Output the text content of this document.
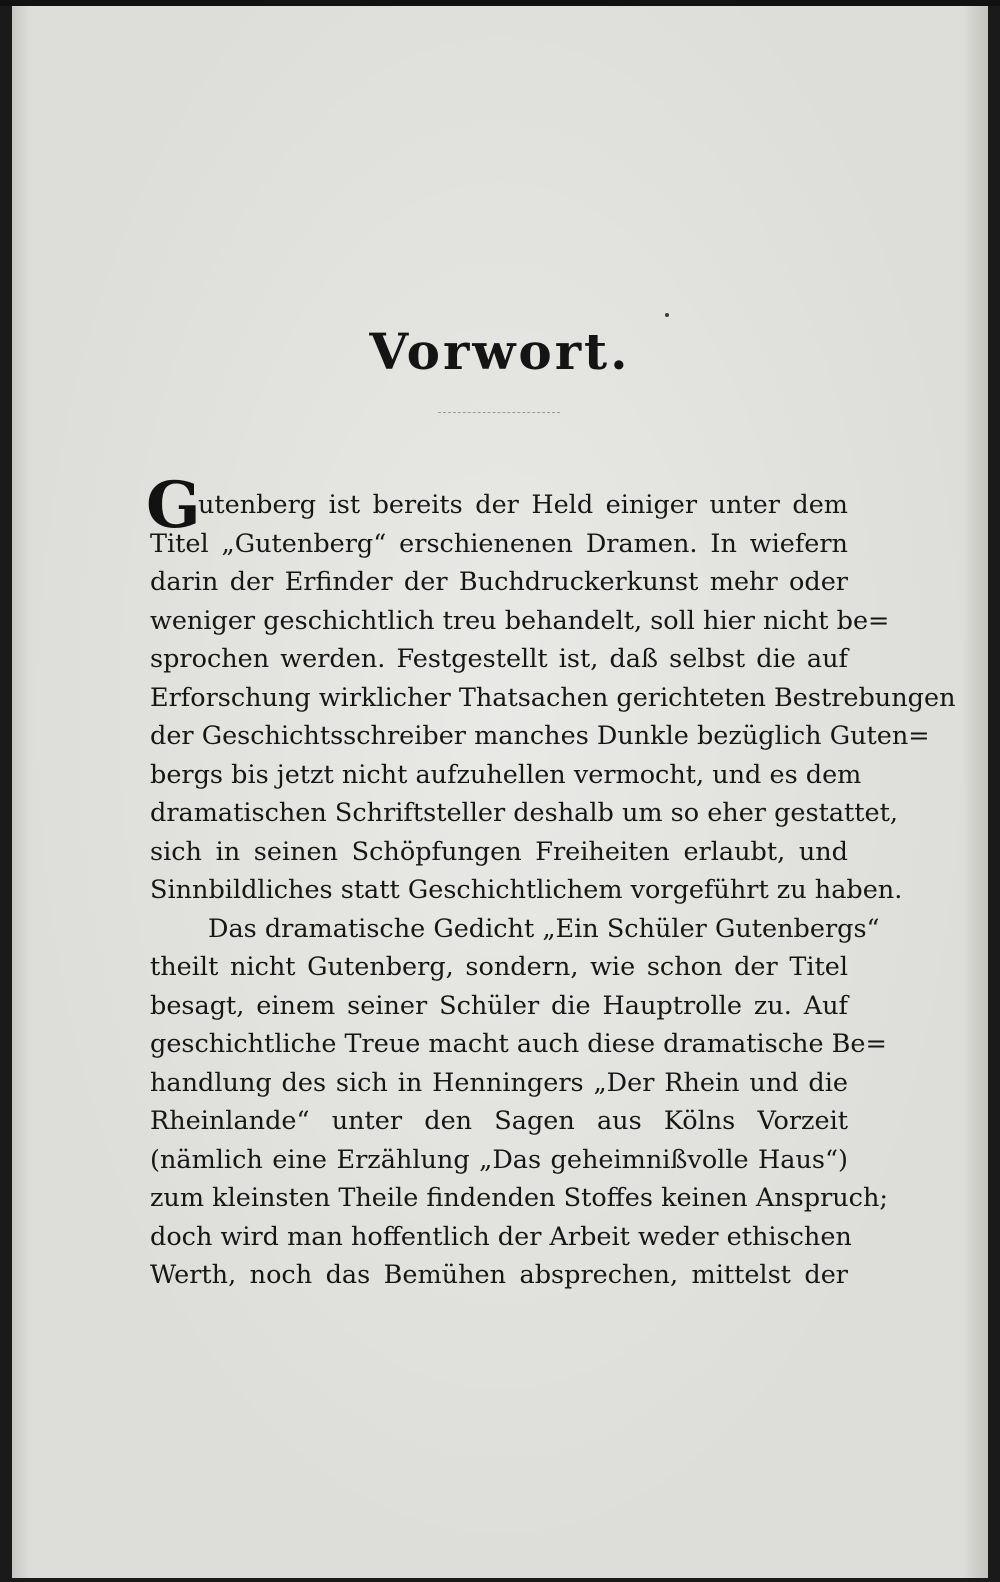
Vorwort.
G
utenberg ist bereits der Held einiger unter dem
Titel „Gutenberg“ erschienenen Dramen. In wiefern
darin der Erfinder der Buchdruckerkunst mehr oder
weniger geschichtlich treu behandelt, soll hier nicht be=
sprochen werden. Festgestellt ist, daß selbst die auf
Erforschung wirklicher Thatsachen gerichteten Bestrebungen
der Geschichtsschreiber manches Dunkle bezüglich Guten=
bergs bis jetzt nicht aufzuhellen vermocht, und es dem
dramatischen Schriftsteller deshalb um so eher gestattet,
sich in seinen Schöpfungen Freiheiten erlaubt, und
Sinnbildliches statt Geschichtlichem vorgeführt zu haben.
Das dramatische Gedicht „Ein Schüler Gutenbergs“
theilt nicht Gutenberg, sondern, wie schon der Titel
besagt, einem seiner Schüler die Hauptrolle zu. Auf
geschichtliche Treue macht auch diese dramatische Be=
handlung des sich in Henningers „Der Rhein und die
Rheinlande“ unter den Sagen aus Kölns Vorzeit
(nämlich eine Erzählung „Das geheimnißvolle Haus“)
zum kleinsten Theile findenden Stoffes keinen Anspruch;
doch wird man hoffentlich der Arbeit weder ethischen
Werth, noch das Bemühen absprechen, mittelst der
